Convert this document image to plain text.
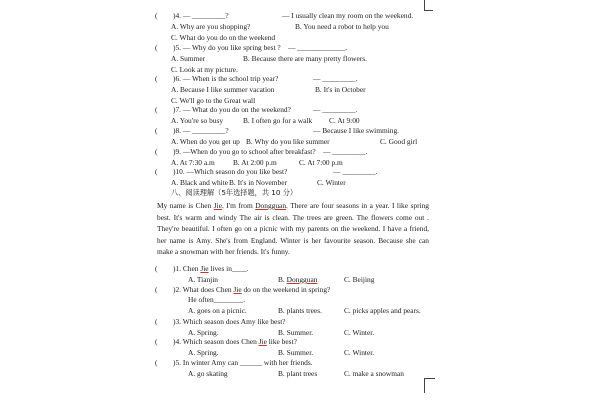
( )4. — _________?	— I usually clean my room on the weekend.
A. Why are you shopping?	B. You need a robot to help you
C. What do you do on the weekend
( )5. — Why do you like spring best ? — _____________.
A. Summer	B. Because there are many pretty flowers.
C. Look at my picture.
( )6. — When is the school trip year?	— _________.
A. Because I like summer vacation	B. It's in October
C. We'll go to the Great wall
( )7. — What do you do on the weekend?	— _________.
A. You're so busy	B. I often go for a walk C. At 9:00
( )8. — _________?	— Because I like swimming.
A. When do you get up B. Why do you like summer	C. Good girl
( )9. —When do you go to school after breakfast? — _________.
A. At 7:30 a.m B. At 2:00 p.m	C. At 7:00 p.m
( )10. —Which season do you like best?	— _________.
A. Black and white B. It's in November	C. Winter
八、阅读理解（5年选择题，共 10 分）
My name is Chen Jie. I'm from Dongguan. There are four seasons in a year. I like spring best. It's warm and windy The air is clean. The trees are green. The flowers come out . They're beautiful. I often go on a picnic with my parents on the weekend. I have a friend, her name is Amy. She's from England. Winter is her favourite season. Because she can make a snowman with her friends. It's funny.
( )1. Chen Jie lives in____.
A. Tianjin	B. Dongguan	C. Beijing
( )2. What does Chen Jie do on the weekend in spring?
He often________.
A. goes on a picnic.	B. plants trees.	C. picks apples and pears.
( )3. Which season does Amy like best?
A. Spring.	B. Summer.	C. Winter.
( )4. Which season does Chen Jie like best?
A. Spring.	B. Summer.	C. Winter.
( )5. In winter Amy can ______ with her friends.
A. go skating	B. plant trees	C. make a snowman
